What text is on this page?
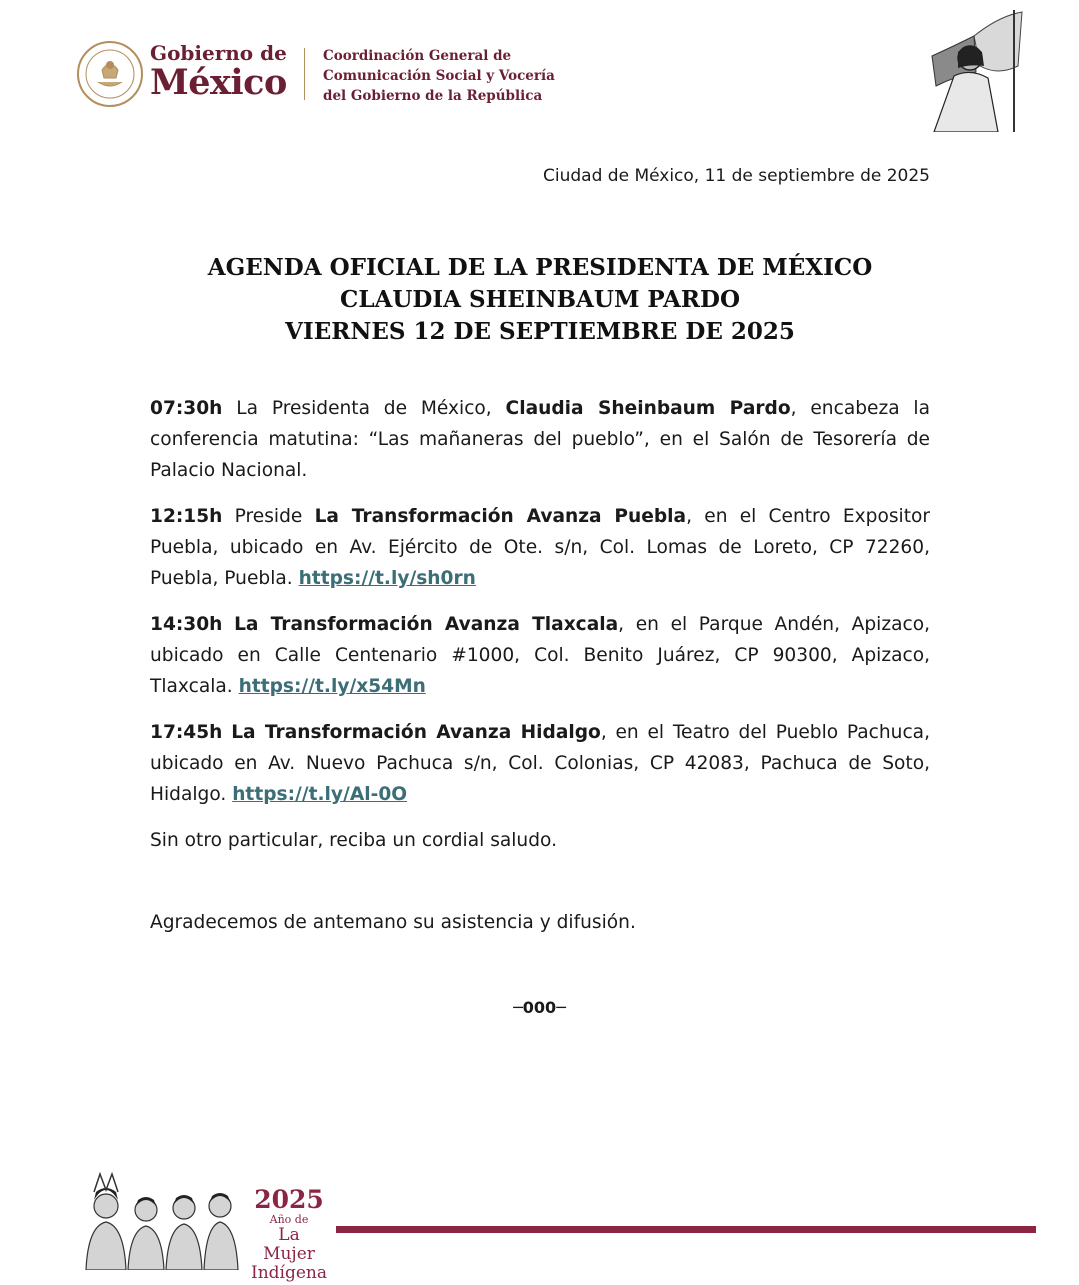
Gobierno de
México
Coordinación General de
Comunicación Social y Vocería
del Gobierno de la República
Ciudad de México, 11 de septiembre de 2025
AGENDA OFICIAL DE LA PRESIDENTA DE MÉXICO
CLAUDIA SHEINBAUM PARDO
VIERNES 12 DE SEPTIEMBRE DE 2025

07:30h La Presidenta de México, Claudia Sheinbaum Pardo, encabeza la conferencia matutina: “Las mañaneras del pueblo”, en el Salón de Tesorería de Palacio Nacional.

12:15h Preside La Transformación Avanza Puebla, en el Centro Expositor Puebla, ubicado en Av. Ejército de Ote. s/n, Col. Lomas de Loreto, CP 72260, Puebla, Puebla. https://t.ly/sh0rn

14:30h La Transformación Avanza Tlaxcala, en el Parque Andén, Apizaco, ubicado en Calle Centenario #1000, Col. Benito Juárez, CP 90300, Apizaco, Tlaxcala. https://t.ly/x54Mn

17:45h La Transformación Avanza Hidalgo, en el Teatro del Pueblo Pachuca, ubicado en Av. Nuevo Pachuca s/n, Col. Colonias, CP 42083, Pachuca de Soto, Hidalgo. https://t.ly/Al-0O

Sin otro particular, reciba un cordial saludo.

Agradecemos de antemano su asistencia y difusión.
─000─
2025
Año de
La Mujer
Indígena
